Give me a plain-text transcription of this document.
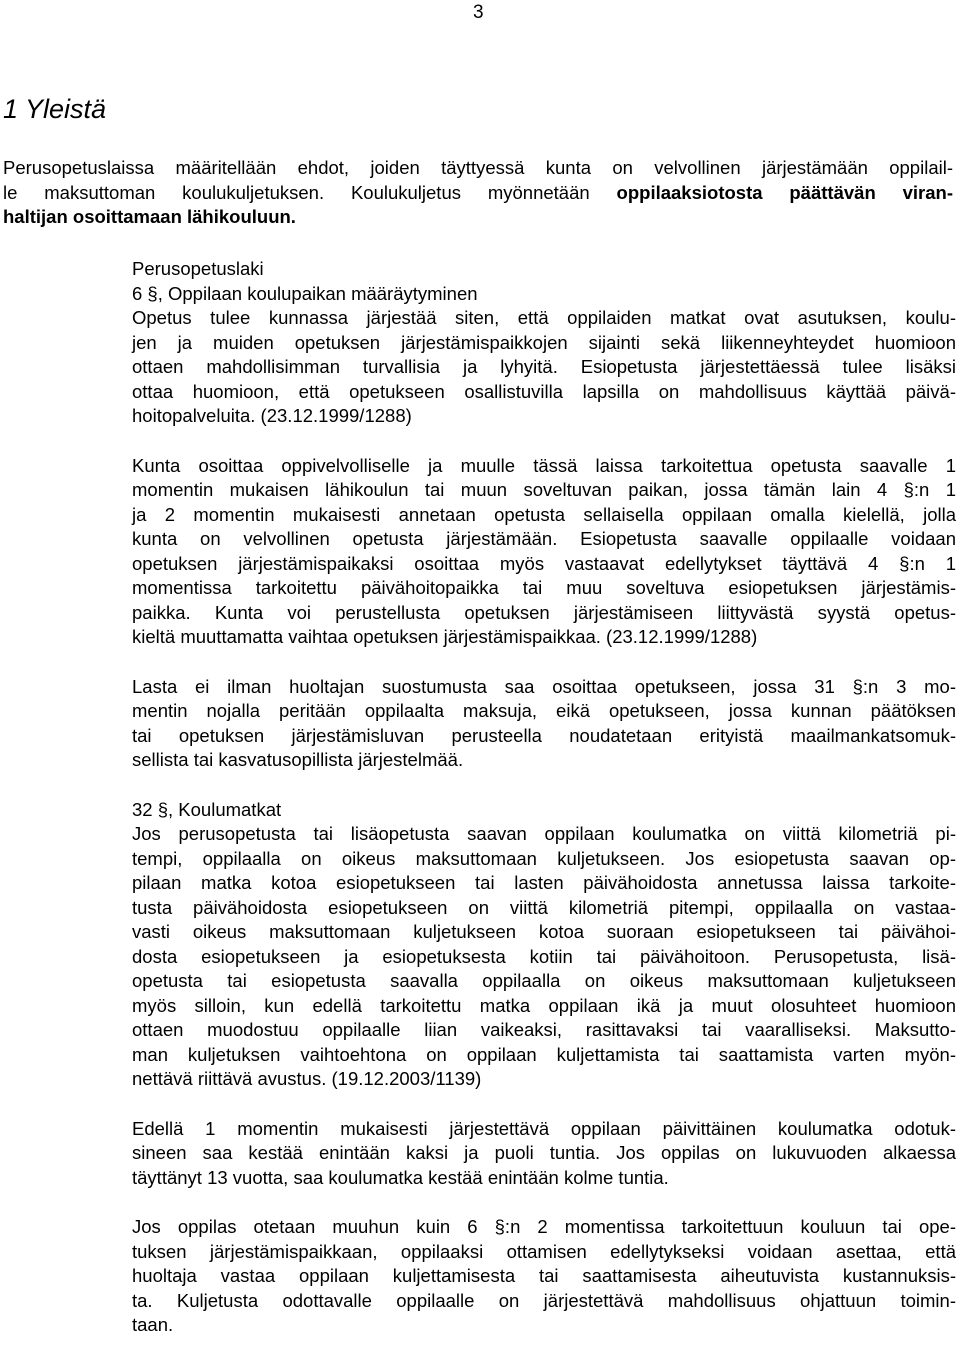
3
1 Yleistä
Perusopetuslaissa määritellään ehdot, joiden täyttyessä kunta on velvollinen järjestämään oppilail-
le maksuttoman koulukuljetuksen. Koulukuljetus myönnetään oppilaaksiotosta päättävän viran-
haltijan osoittamaan lähikouluun.
Perusopetuslaki
6 §, Oppilaan koulupaikan määräytyminen
Opetus tulee kunnassa järjestää siten, että oppilaiden matkat ovat asutuksen, koulu-
jen ja muiden opetuksen järjestämispaikkojen sijainti sekä liikenneyhteydet huomioon
ottaen mahdollisimman turvallisia ja lyhyitä. Esiopetusta järjestettäessä tulee lisäksi
ottaa huomioon, että opetukseen osallistuvilla lapsilla on mahdollisuus käyttää päivä-
hoitopalveluita. (23.12.1999/1288)
Kunta osoittaa oppivelvolliselle ja muulle tässä laissa tarkoitettua opetusta saavalle 1
momentin mukaisen lähikoulun tai muun soveltuvan paikan, jossa tämän lain 4 §:n 1
ja 2 momentin mukaisesti annetaan opetusta sellaisella oppilaan omalla kielellä, jolla
kunta on velvollinen opetusta järjestämään. Esiopetusta saavalle oppilaalle voidaan
opetuksen järjestämispaikaksi osoittaa myös vastaavat edellytykset täyttävä 4 §:n 1
momentissa tarkoitettu päivähoitopaikka tai muu soveltuva esiopetuksen järjestämis-
paikka. Kunta voi perustellusta opetuksen järjestämiseen liittyvästä syystä opetus-
kieltä muuttamatta vaihtaa opetuksen järjestämispaikkaa. (23.12.1999/1288)
Lasta ei ilman huoltajan suostumusta saa osoittaa opetukseen, jossa 31 §:n 3 mo-
mentin nojalla peritään oppilaalta maksuja, eikä opetukseen, jossa kunnan päätöksen
tai opetuksen järjestämisluvan perusteella noudatetaan erityistä maailmankatsomuk-
sellista tai kasvatusopillista järjestelmää.
32 §, Koulumatkat
Jos perusopetusta tai lisäopetusta saavan oppilaan koulumatka on viittä kilometriä pi-
tempi, oppilaalla on oikeus maksuttomaan kuljetukseen. Jos esiopetusta saavan op-
pilaan matka kotoa esiopetukseen tai lasten päivähoidosta annetussa laissa tarkoite-
tusta päivähoidosta esiopetukseen on viittä kilometriä pitempi, oppilaalla on vastaa-
vasti oikeus maksuttomaan kuljetukseen kotoa suoraan esiopetukseen tai päivähoi-
dosta esiopetukseen ja esiopetuksesta kotiin tai päivähoitoon. Perusopetusta, lisä-
opetusta tai esiopetusta saavalla oppilaalla on oikeus maksuttomaan kuljetukseen
myös silloin, kun edellä tarkoitettu matka oppilaan ikä ja muut olosuhteet huomioon
ottaen muodostuu oppilaalle liian vaikeaksi, rasittavaksi tai vaaralliseksi. Maksutto-
man kuljetuksen vaihtoehtona on oppilaan kuljettamista tai saattamista varten myön-
nettävä riittävä avustus. (19.12.2003/1139)
Edellä 1 momentin mukaisesti järjestettävä oppilaan päivittäinen koulumatka odotuk-
sineen saa kestää enintään kaksi ja puoli tuntia. Jos oppilas on lukuvuoden alkaessa
täyttänyt 13 vuotta, saa koulumatka kestää enintään kolme tuntia.
Jos oppilas otetaan muuhun kuin 6 §:n 2 momentissa tarkoitettuun kouluun tai ope-
tuksen järjestämispaikkaan, oppilaaksi ottamisen edellytykseksi voidaan asettaa, että
huoltaja vastaa oppilaan kuljettamisesta tai saattamisesta aiheutuvista kustannuksis-
ta. Kuljetusta odottavalle oppilaalle on järjestettävä mahdollisuus ohjattuun toimin-
taan.
